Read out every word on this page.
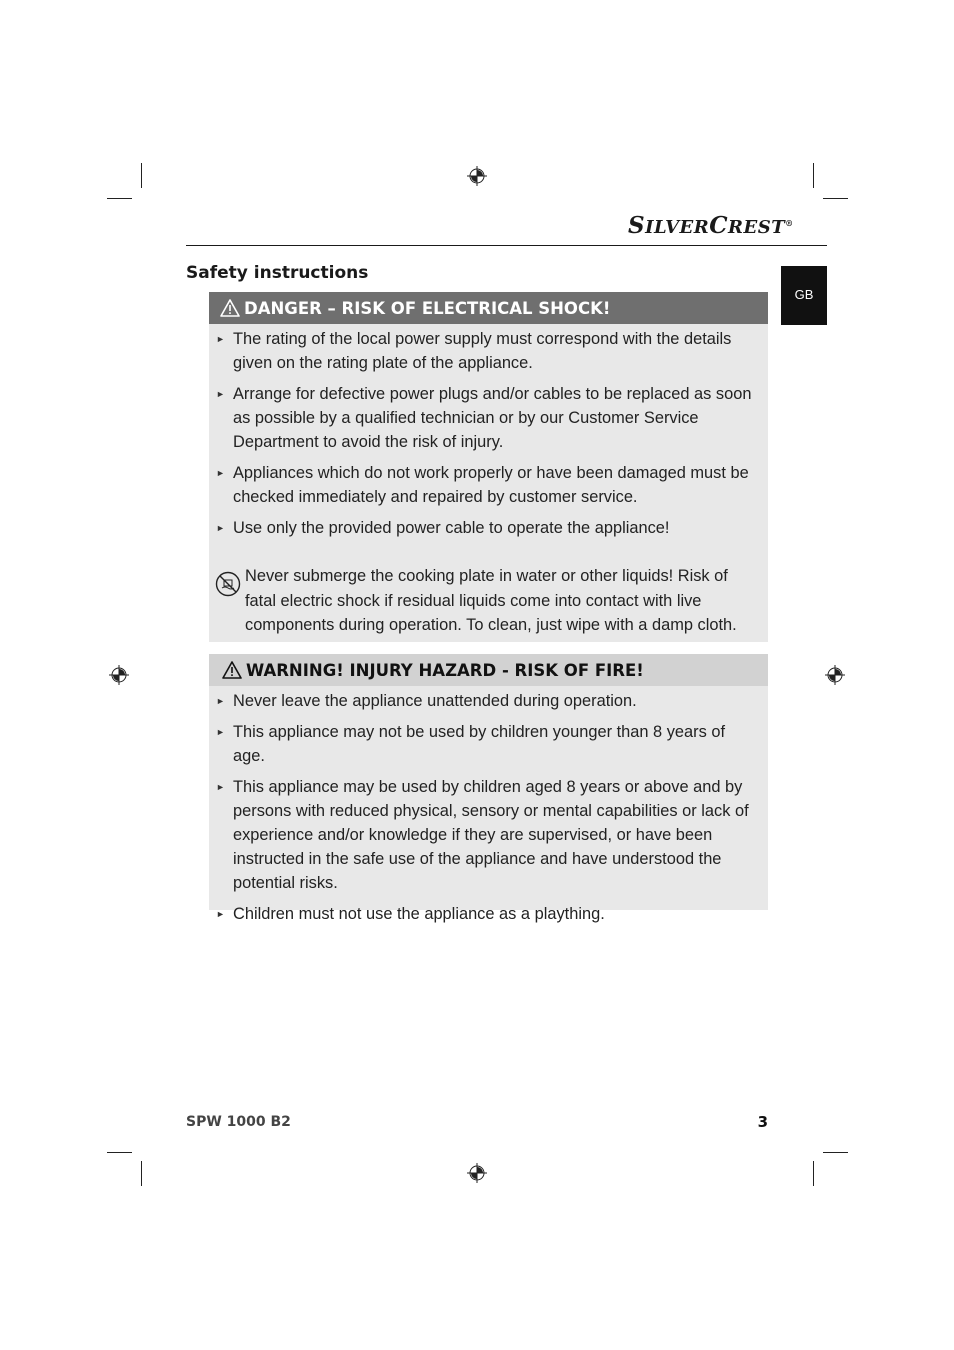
SILVERCREST®
GB
Safety instructions
DANGER – RISK OF ELECTRICAL SHOCK!
► The rating of the local power supply must correspond with the details given on the rating plate of the appliance.
► Arrange for defective power plugs and/or cables to be replaced as soon as possible by a qualified technician or by our Customer Service Department to avoid the risk of injury.
► Appliances which do not work properly or have been damaged must be checked immediately and repaired by customer service.
► Use only the provided power cable to operate the appliance!
Never submerge the cooking plate in water or other liquids! Risk of fatal electric shock if residual liquids come into contact with live components during operation. To clean, just wipe with a damp cloth.
WARNING! INJURY HAZARD - RISK OF FIRE!
► Never leave the appliance unattended during operation.
► This appliance may not be used by children younger than 8 years of age.
► This appliance may be used by children aged 8 years or above and by persons with reduced physical, sensory or mental capabilities or lack of experience and/or knowledge if they are supervised, or have been instructed in the safe use of the appliance and have understood the potential risks.
► Children must not use the appliance as a plaything.
SPW 1000 B2	3
